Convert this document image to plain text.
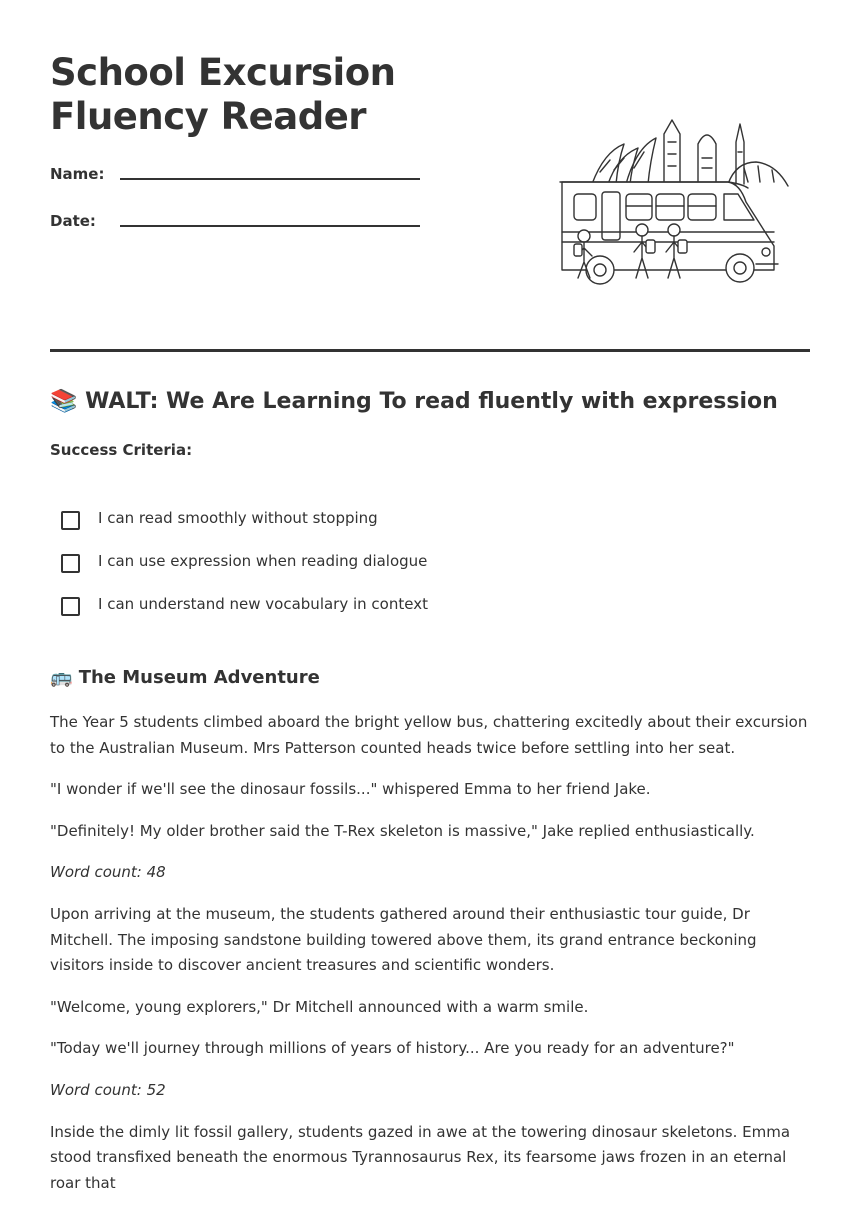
School Excursion
Fluency Reader
Name:
Date:
📚 WALT: We Are Learning To read fluently with expression
Success Criteria:
I can read smoothly without stopping
I can use expression when reading dialogue
I can understand new vocabulary in context
🚌 The Museum Adventure

The Year 5 students climbed aboard the bright yellow bus, chattering excitedly about their excursion to the Australian Museum. Mrs Patterson counted heads twice before settling into her seat.

"I wonder if we'll see the dinosaur fossils..." whispered Emma to her friend Jake.

"Definitely! My older brother said the T-Rex skeleton is massive," Jake replied enthusiastically.

Word count: 48

Upon arriving at the museum, the students gathered around their enthusiastic tour guide, Dr Mitchell. The imposing sandstone building towered above them, its grand entrance beckoning visitors inside to discover ancient treasures and scientific wonders.

"Welcome, young explorers," Dr Mitchell announced with a warm smile.

"Today we'll journey through millions of years of history... Are you ready for an adventure?"

Word count: 52

Inside the dimly lit fossil gallery, students gazed in awe at the towering dinosaur skeletons. Emma stood transfixed beneath the enormous Tyrannosaurus Rex, its fearsome jaws frozen in an eternal roar that
